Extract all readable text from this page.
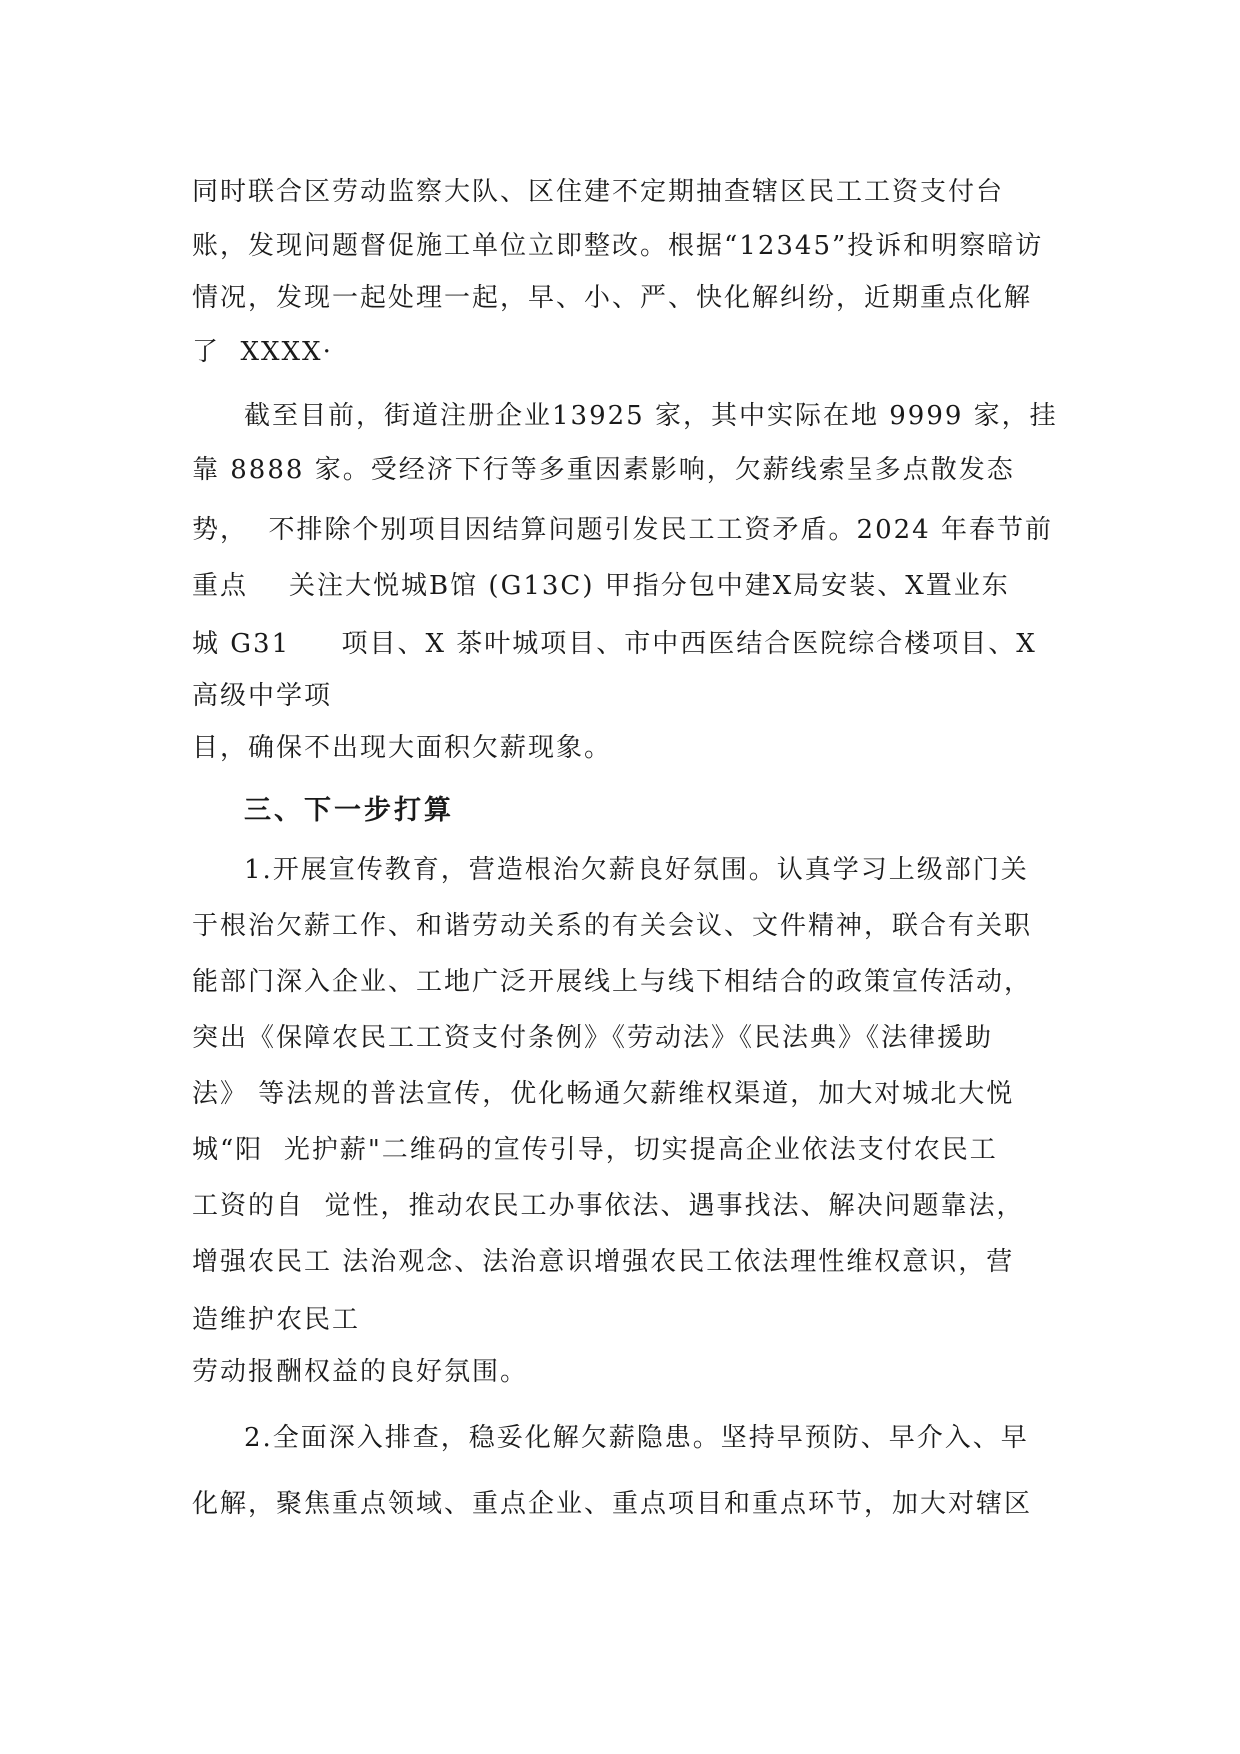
同时联合区劳动监察大队、区住建不定期抽查辖区民工工资支付台

账，发现问题督促施工单位立即整改。根据“12345”投诉和明察暗访

情况，发现一起处理一起，早、小、严、快化解纠纷，近期重点化解

了  XXXX·

截至目前，街道注册企业13925 家，其中实际在地 9999 家，挂

靠 8888 家。受经济下行等多重因素影响，欠薪线索呈多点散发态

势，  不排除个别项目因结算问题引发民工工资矛盾。2024 年春节前

重点    关注大悦城B馆 (G13C) 甲指分包中建X局安装、X置业东

城 G31     项目、X 茶叶城项目、市中西医结合医院综合楼项目、X

高级中学项

目，确保不出现大面积欠薪现象。

三、下一步打算

1.开展宣传教育，营造根治欠薪良好氛围。认真学习上级部门关

于根治欠薪工作、和谐劳动关系的有关会议、文件精神，联合有关职

能部门深入企业、工地广泛开展线上与线下相结合的政策宣传活动，

突出《保障农民工工资支付条例》《劳动法》《民法典》《法律援助

法》 等法规的普法宣传，优化畅通欠薪维权渠道，加大对城北大悦

城“阳  光护薪"二维码的宣传引导，切实提高企业依法支付农民工

工资的自  觉性，推动农民工办事依法、遇事找法、解决问题靠法，

增强农民工 法治观念、法治意识增强农民工依法理性维权意识，营

造维护农民工

劳动报酬权益的良好氛围。

2.全面深入排查，稳妥化解欠薪隐患。坚持早预防、早介入、早

化解，聚焦重点领域、重点企业、重点项目和重点环节，加大对辖区
